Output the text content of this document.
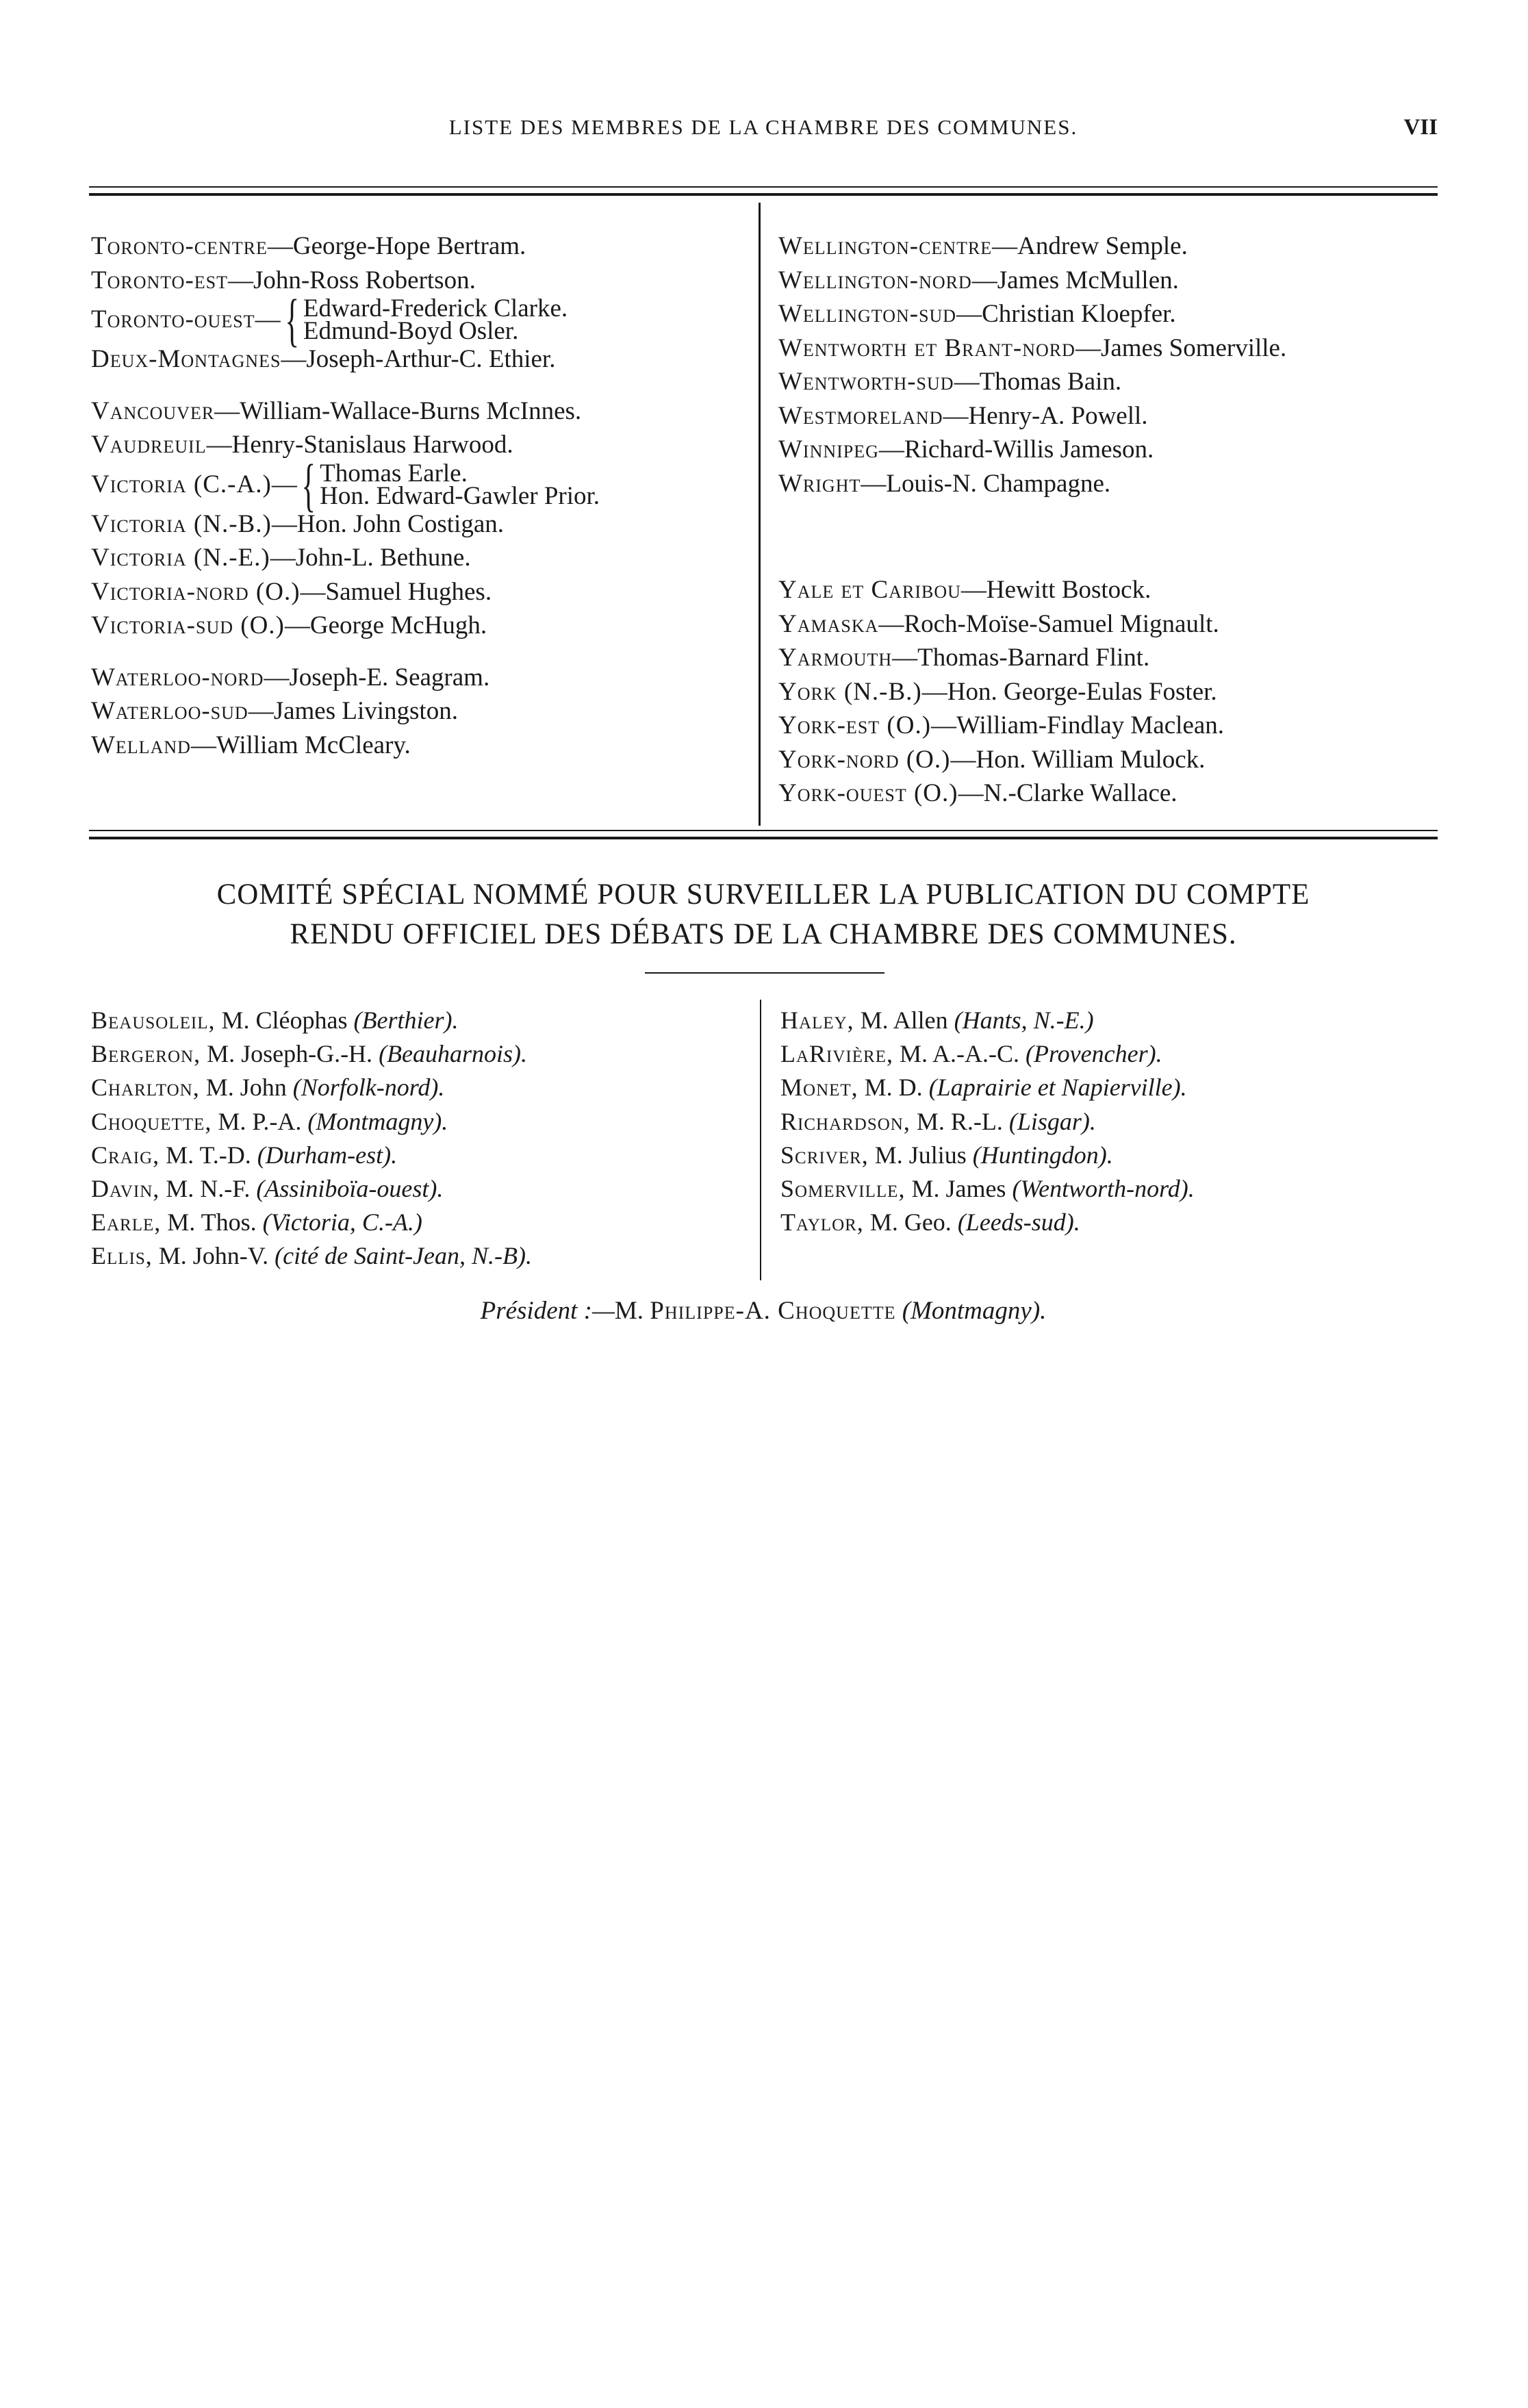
LISTE DES MEMBRES DE LA CHAMBRE DES COMMUNES.	VII
Toronto-centre—George-Hope Bertram.
Toronto-est—John-Ross Robertson.
Toronto-ouest — { Edward-Frederick Clarke.
Edmund-Boyd Osler.
Deux-Montagnes—Joseph-Arthur-C. Ethier.
Vancouver—William-Wallace-Burns McInnes.
Vaudreuil—Henry-Stanislaus Harwood.
Victoria (C.-A.) — { Thomas Earle.
Hon. Edward-Gawler Prior.
Victoria (N.-B.)—Hon. John Costigan.
Victoria (N.-E.)—John-L. Bethune.
Victoria-nord (O.)—Samuel Hughes.
Victoria-sud (O.)—George McHugh.
Waterloo-nord—Joseph-E. Seagram.
Waterloo-sud—James Livingston.
Welland—William McCleary.
Wellington-centre—Andrew Semple.
Wellington-nord—James McMullen.
Wellington-sud—Christian Kloepfer.
Wentworth et Brant-nord—James Somerville.
Wentworth-sud—Thomas Bain.
Westmoreland—Henry-A. Powell.
Winnipeg—Richard-Willis Jameson.
Wright—Louis-N. Champagne.
Yale et Caribou—Hewitt Bostock.
Yamaska—Roch-Moïse-Samuel Mignault.
Yarmouth—Thomas-Barnard Flint.
York (N.-B.)—Hon. George-Eulas Foster.
York-est (O.)—William-Findlay Maclean.
York-nord (O.)—Hon. William Mulock.
York-ouest (O.)—N.-Clarke Wallace.
COMITÉ SPÉCIAL NOMMÉ POUR SURVEILLER LA PUBLICATION DU COMPTE
RENDU OFFICIEL DES DÉBATS DE LA CHAMBRE DES COMMUNES.
Beausoleil, M. Cléophas (Berthier).
Bergeron, M. Joseph-G.-H. (Beauharnois).
Charlton, M. John (Norfolk-nord).
Choquette, M. P.-A. (Montmagny).
Craig, M. T.-D. (Durham-est).
Davin, M. N.-F. (Assiniboïa-ouest).
Earle, M. Thos. (Victoria, C.-A.)
Ellis, M. John-V. (cité de Saint-Jean, N.-B).
Haley, M. Allen (Hants, N.-E.)
LaRivière, M. A.-A.-C. (Provencher).
Monet, M. D. (Laprairie et Napierville).
Richardson, M. R.-L. (Lisgar).
Scriver, M. Julius (Huntingdon).
Somerville, M. James (Wentworth-nord).
Taylor, M. Geo. (Leeds-sud).
Président :—M. Philippe-A. Choquette (Montmagny).
